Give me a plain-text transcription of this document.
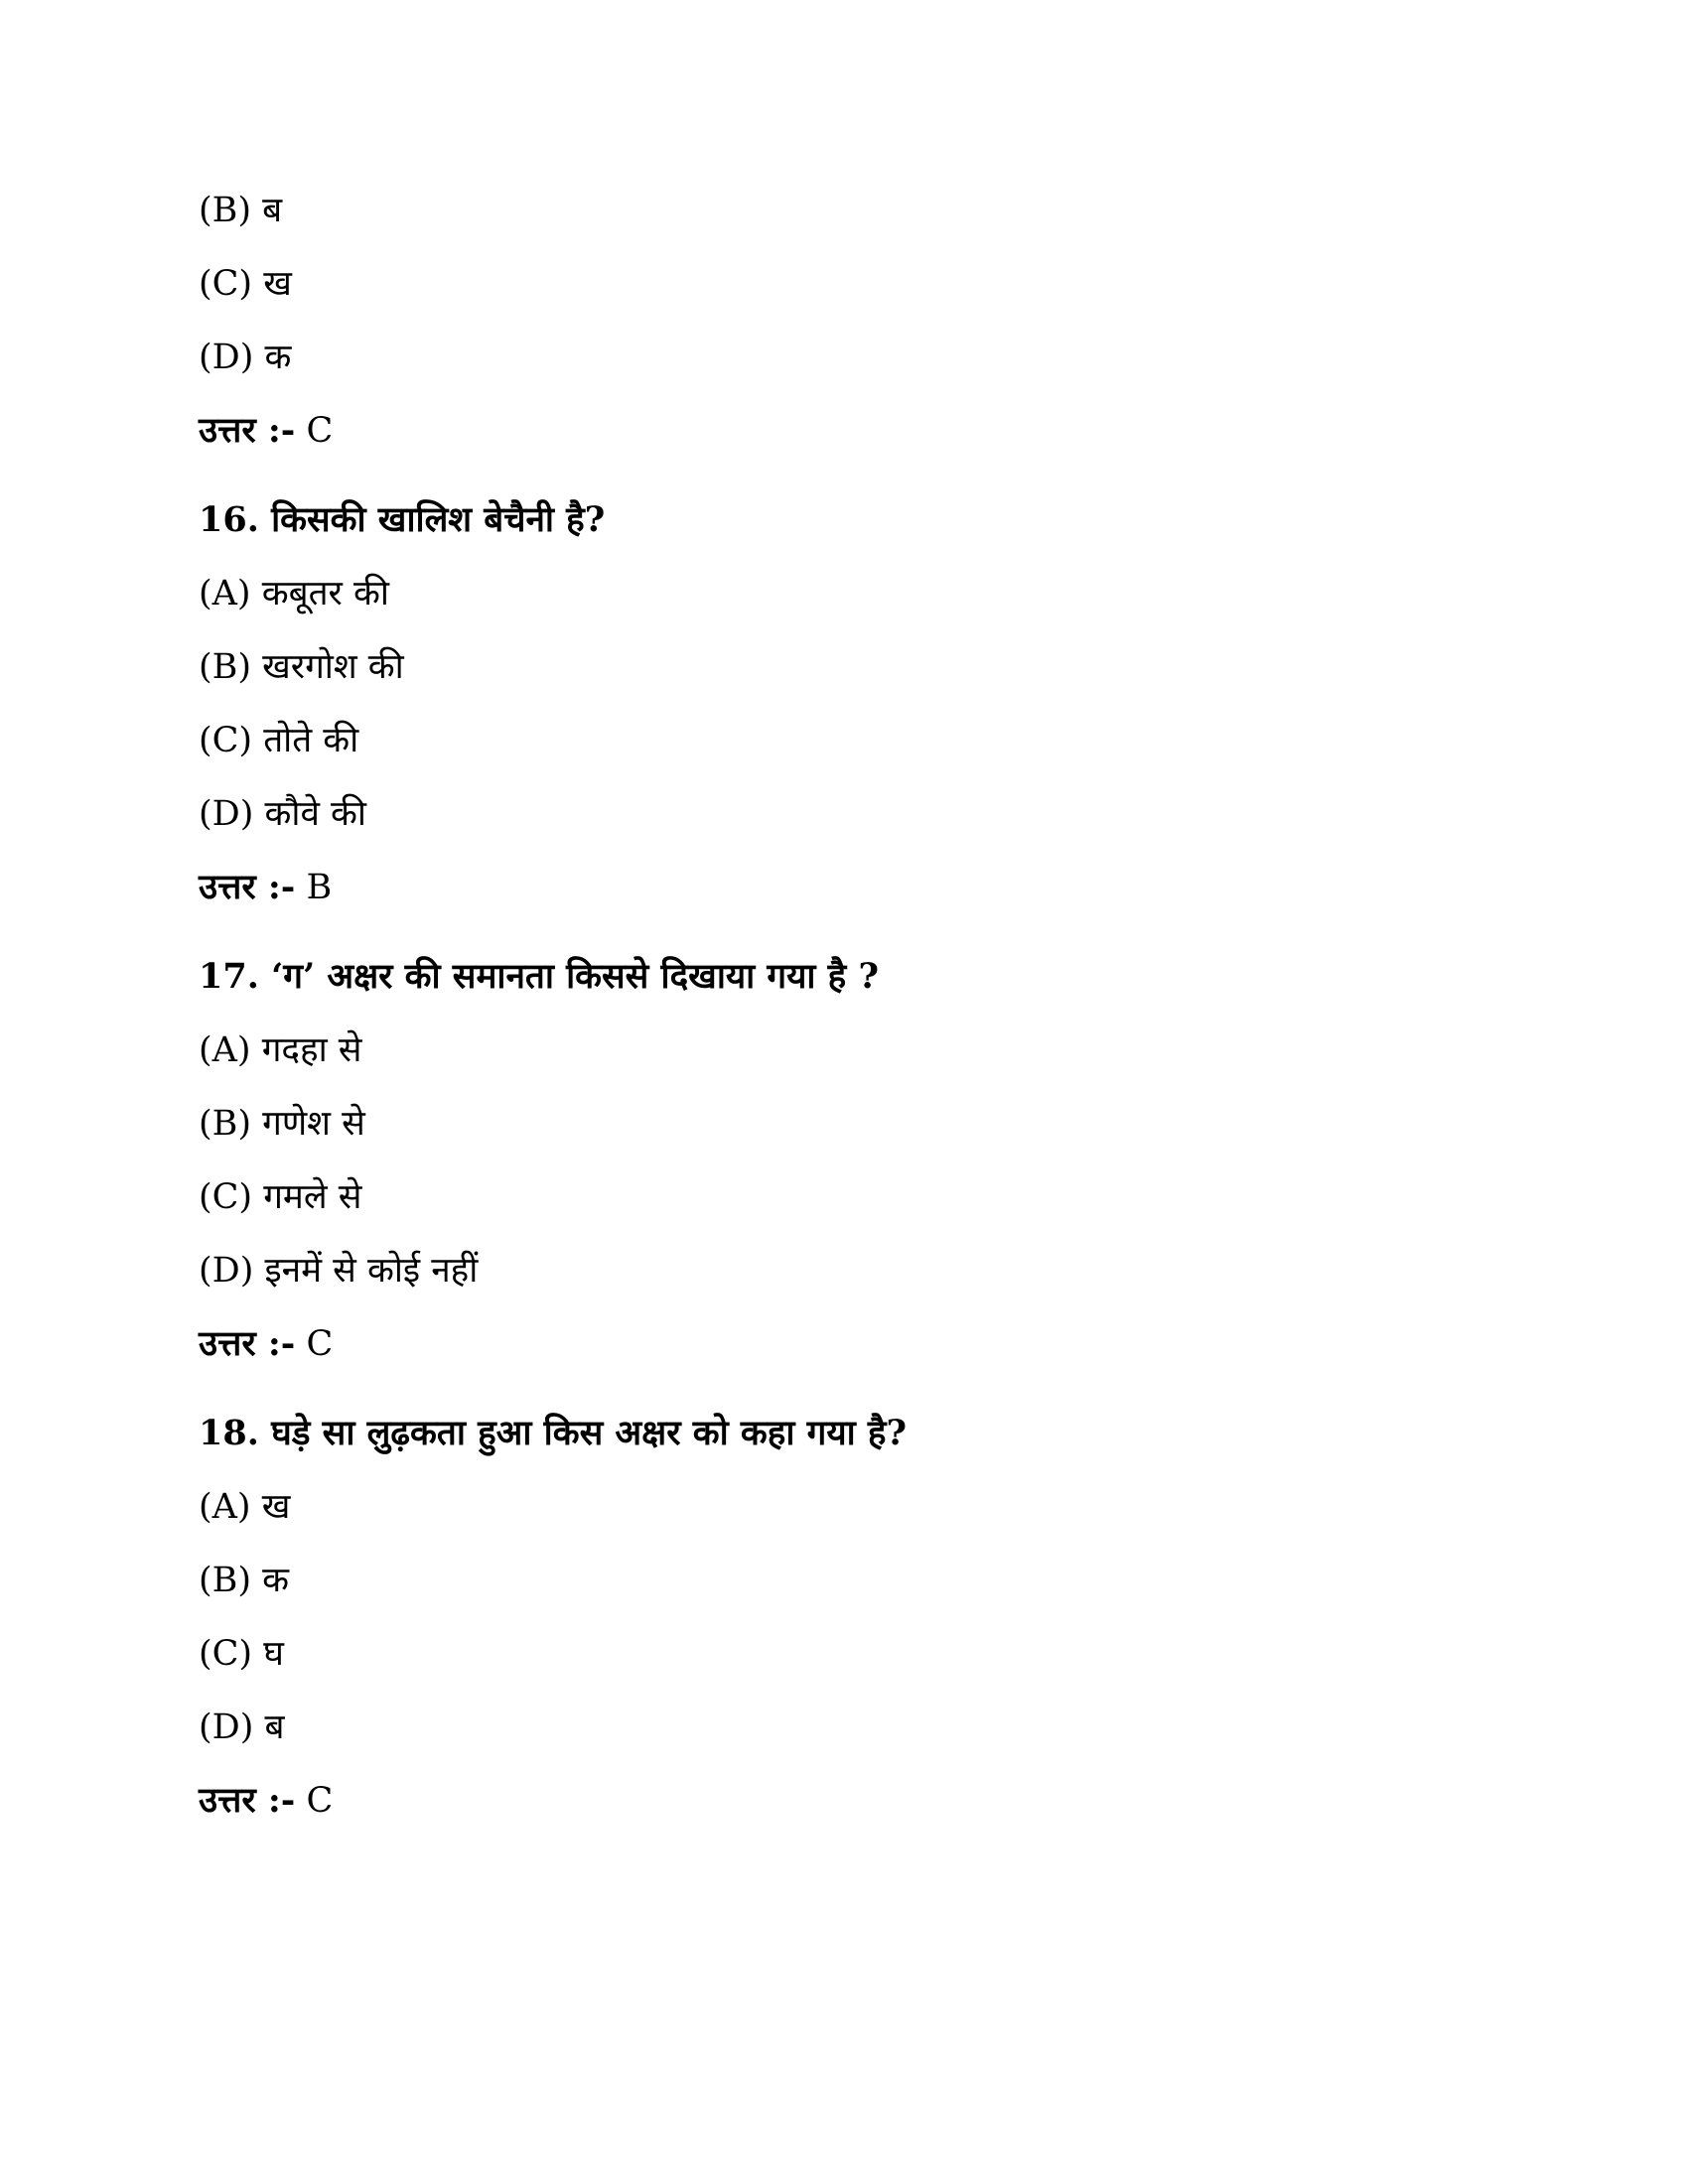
(B) ब
(C) ख
(D) क
उत्तर :- C
16. किसकी खालिश बेचैनी है?
(A) कबूतर की
(B) खरगोश की
(C) तोते की
(D) कौवे की
उत्तर :- B
17. ‘ग’ अक्षर की समानता किससे दिखाया गया है ?
(A) गदहा से
(B) गणेश से
(C) गमले से
(D) इनमें से कोई नहीं
उत्तर :- C
18. घड़े सा लुढ़कता हुआ किस अक्षर को कहा गया है?
(A) ख
(B) क
(C) घ
(D) ब
उत्तर :- C
